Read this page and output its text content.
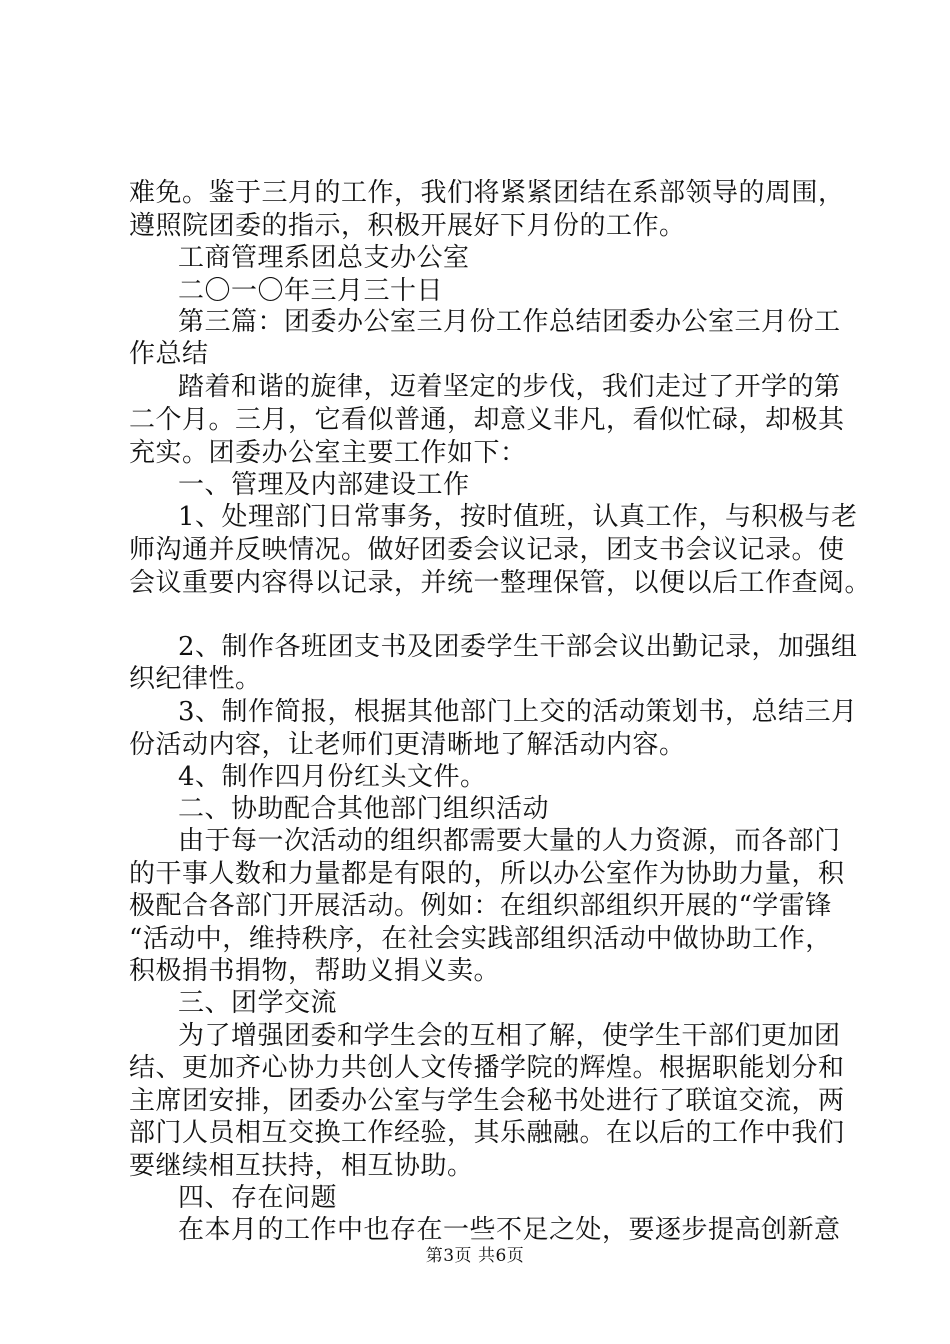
难免。鉴于三月的工作，我们将紧紧团结在系部领导的周围，
遵照院团委的指示，积极开展好下月份的工作。
工商管理系团总支办公室
二〇一〇年三月三十日
第三篇：团委办公室三月份工作总结团委办公室三月份工
作总结
踏着和谐的旋律，迈着坚定的步伐，我们走过了开学的第
二个月。三月，它看似普通，却意义非凡，看似忙碌，却极其
充实。团委办公室主要工作如下：
一、管理及内部建设工作
1、处理部门日常事务，按时值班，认真工作，与积极与老
师沟通并反映情况。做好团委会议记录，团支书会议记录。使
会议重要内容得以记录，并统一整理保管，以便以后工作查阅。
2、制作各班团支书及团委学生干部会议出勤记录，加强组
织纪律性。
3、制作简报，根据其他部门上交的活动策划书，总结三月
份活动内容，让老师们更清晰地了解活动内容。
4、制作四月份红头文件。
二、协助配合其他部门组织活动
由于每一次活动的组织都需要大量的人力资源，而各部门
的干事人数和力量都是有限的，所以办公室作为协助力量，积
极配合各部门开展活动。例如：在组织部组织开展的“学雷锋
“活动中，维持秩序，在社会实践部组织活动中做协助工作，
积极捐书捐物，帮助义捐义卖。
三、团学交流
为了增强团委和学生会的互相了解，使学生干部们更加团
结、更加齐心协力共创人文传播学院的辉煌。根据职能划分和
主席团安排，团委办公室与学生会秘书处进行了联谊交流，两
部门人员相互交换工作经验，其乐融融。在以后的工作中我们
要继续相互扶持，相互协助。
四、存在问题
在本月的工作中也存在一些不足之处，要逐步提高创新意
第3页 共6页
